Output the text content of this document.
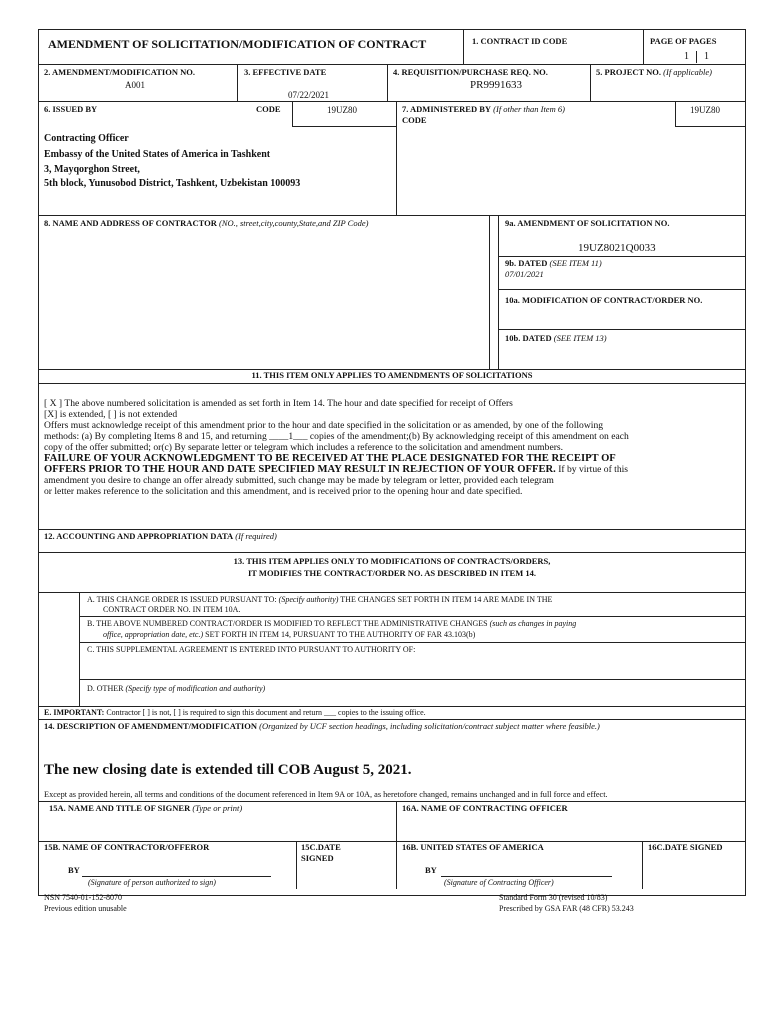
AMENDMENT OF SOLICITATION/MODIFICATION OF CONTRACT	1. CONTRACT ID CODE	PAGE OF PAGES
1 1
2. AMENDMENT/MODIFICATION NO.
A001
3. EFFECTIVE DATE
07/22/2021
4. REQUISITION/PURCHASE REQ. NO.
PR9991633
5. PROJECT NO. (If applicable)
6. ISSUED BY	CODE	19UZ80	7. ADMINISTERED BY (If other than Item 6)
CODE
19UZ80
Contracting Officer
Embassy of the United States of America in Tashkent
3, Mayqorghon Street,
5th block, Yunusobod District, Tashkent, Uzbekistan 100093
8. NAME AND ADDRESS OF CONTRACTOR (NO., street,city,county,State,and ZIP Code)	9a. AMENDMENT OF SOLICITATION NO.
19UZ8021Q0033
9b. DATED (SEE ITEM 11)
07/01/2021
10a. MODIFICATION OF CONTRACT/ORDER NO.
10b. DATED (SEE ITEM 13)
11. THIS ITEM ONLY APPLIES TO AMENDMENTS OF SOLICITATIONS
[ X ] The above numbered solicitation is amended as set forth in Item 14. The hour and date specified for receipt of Offers
[X] is extended, [ ] is not extended
Offers must acknowledge receipt of this amendment prior to the hour and date specified in the solicitation or as amended, by one of the following
methods: (a) By completing Items 8 and 15, and returning ____1___ copies of the amendment;(b) By acknowledging receipt of this amendment on each
copy of the offer submitted; or(c) By separate letter or telegram which includes a reference to the solicitation and amendment numbers.
FAILURE OF YOUR ACKNOWLEDGMENT TO BE RECEIVED AT THE PLACE DESIGNATED FOR THE RECEIPT OF
OFFERS PRIOR TO THE HOUR AND DATE SPECIFIED MAY RESULT IN REJECTION OF YOUR OFFER. If by virtue of this
amendment you desire to change an offer already submitted, such change may be made by telegram or letter, provided each telegram
or letter makes reference to the solicitation and this amendment, and is received prior to the opening hour and date specified.
12. ACCOUNTING AND APPROPRIATION DATA (If required)
13. THIS ITEM APPLIES ONLY TO MODIFICATIONS OF CONTRACTS/ORDERS,
IT MODIFIES THE CONTRACT/ORDER NO. AS DESCRIBED IN ITEM 14.
A. THIS CHANGE ORDER IS ISSUED PURSUANT TO: (Specify authority) THE CHANGES SET FORTH IN ITEM 14 ARE MADE IN THE
CONTRACT ORDER NO. IN ITEM 10A.
B. THE ABOVE NUMBERED CONTRACT/ORDER IS MODIFIED TO REFLECT THE ADMINISTRATIVE CHANGES (such as changes in paying
office, appropriation date, etc.) SET FORTH IN ITEM 14, PURSUANT TO THE AUTHORITY OF FAR 43.103(b)
C. THIS SUPPLEMENTAL AGREEMENT IS ENTERED INTO PURSUANT TO AUTHORITY OF:
D. OTHER (Specify type of modification and authority)
E. IMPORTANT: Contractor [ ] is not, [ ] is required to sign this document and return ___ copies to the issuing office.
14. DESCRIPTION OF AMENDMENT/MODIFICATION (Organized by UCF section headings, including solicitation/contract subject matter where feasible.)
The new closing date is extended till COB August 5, 2021.
Except as provided herein, all terms and conditions of the document referenced in Item 9A or 10A, as heretofore changed, remains unchanged and in full force and effect.
15A. NAME AND TITLE OF SIGNER (Type or print)	16A. NAME OF CONTRACTING OFFICER
15B. NAME OF CONTRACTOR/OFFEROR	15C.DATE
SIGNED
16B. UNITED STATES OF AMERICA	16C.DATE SIGNED
BY
(Signature of person authorized to sign)
BY
(Signature of Contracting Officer)
NSN 7540-01-152-8070
Previous edition unusable
Standard Form 30 (revised 10/83)
Prescribed by GSA FAR (48 CFR) 53.243
